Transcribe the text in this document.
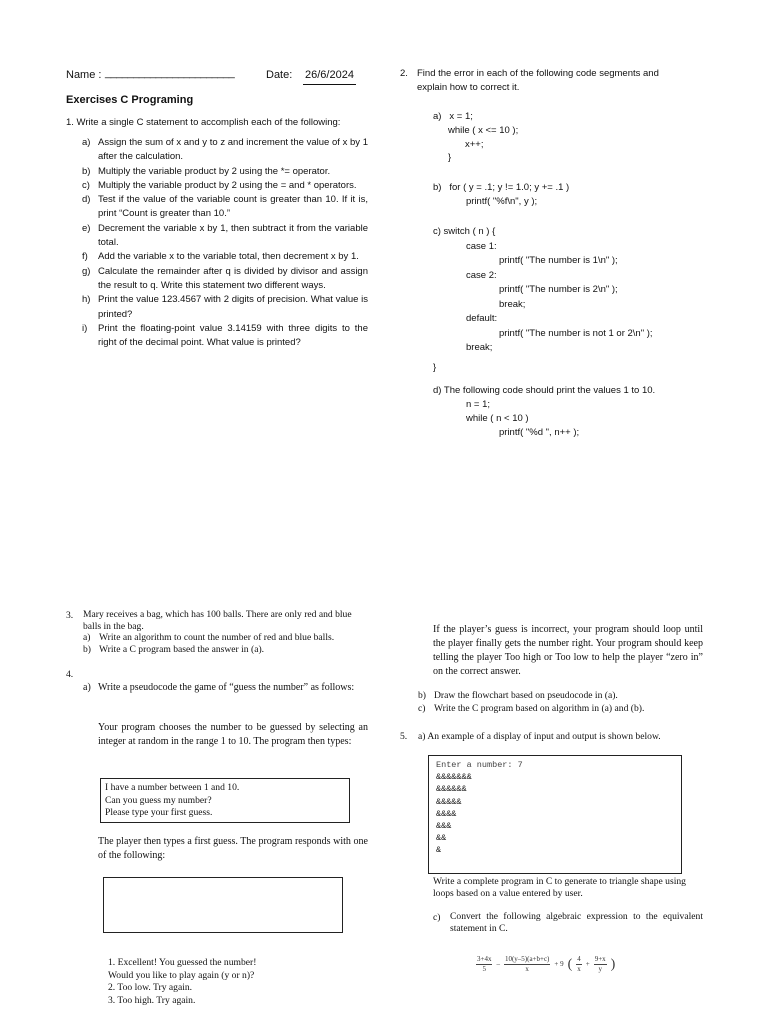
Name : _______________________	Date: 26/6/2024
Exercises C Programing
1. Write a single C statement to accomplish each of the following:
a) Assign the sum of x and y to z and increment the value of x by 1 after the calculation.
b) Multiply the variable product by 2 using the *= operator.
c) Multiply the variable product by 2 using the = and * operators.
d) Test if the value of the variable count is greater than 10. If it is, print “Count is greater than 10.”
e) Decrement the variable x by 1, then subtract it from the variable total.
f)	Add the variable x to the variable total, then decrement x by 1.
g) Calculate the remainder after q is divided by divisor and assign the result to q. Write this statement two different ways.
h) Print the value 123.4567 with 2 digits of precision. What value is printed?
i)	Print the floating-point value 3.14159 with three digits to the right of the decimal point. What value is printed?
2. Find the error in each of the following code segments and explain how to correct it.
a)   x = 1;
while ( x <= 10 );
x++;
}
b)   for ( y = .1; y != 1.0; y += .1 )
printf( "%f\n", y );
c) switch ( n ) {
case 1:
printf( "The number is 1\n" );
case 2:
printf( "The number is 2\n" );
break;
default:
printf( "The number is not 1 or 2\n" );
break;
}
d) The following code should print the values 1 to 10.
n = 1;
while ( n < 10 )
printf( "%d ", n++ );
3. Mary receives a bag, which has 100 balls. There are only red and blue balls in the bag.
a) Write an algorithm to count the number of red and blue balls.
b) Write a C program based the answer in (a).
4.
a) Write a pseudocode the game of “guess the number” as follows:
Your program chooses the number to be guessed by selecting an integer at random in the range 1 to 10. The program then types:
I have a number between 1 and 10.
Can you guess my number?
Please type your first guess.
The player then types a first guess. The program responds with one of the following:
1. Excellent! You guessed the number!
Would you like to play again (y or n)?
2. Too low. Try again.
3. Too high. Try again.
If the player’s guess is incorrect, your program should loop until the player finally gets the number right. Your program should keep telling the player Too high or Too low to help the player “zero in” on the correct answer.
b) Draw the flowchart based on pseudocode in (a).
c) Write the C program based on algorithm in (a) and (b).
5. a) An example of a display of input and output is shown below.
Enter a number: 7
&&&&&&&
&&&&&&
&&&&&
&&&&
&&&
&&
&
Write a complete program in C to generate to triangle shape using loops based on a value entered by user.
c) Convert the following algebraic expression to the equivalent statement in C.
$\frac{3+4x}{5} - \frac{10(y-5)(a+b+c)}{x} + 9$ ( $\frac{4}{x} + \frac{9+x}{y}$ )
